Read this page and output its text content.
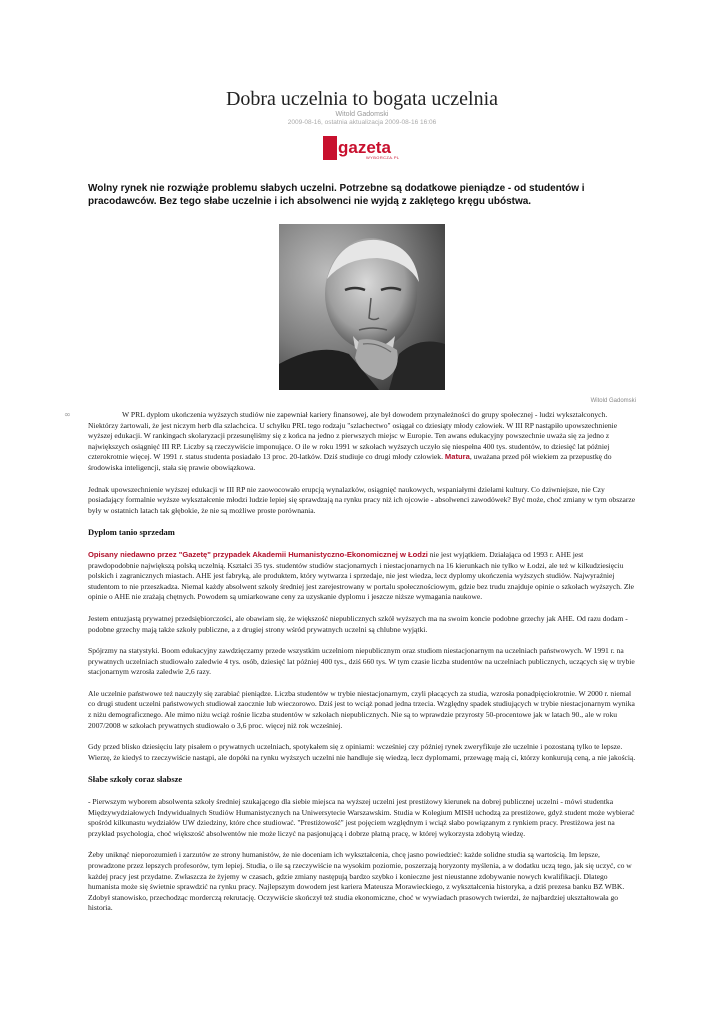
Dobra uczelnia to bogata uczelnia
Witold Gadomski
2009-08-16, ostatnia aktualizacja 2009-08-16 16:06
gazeta
WYBORCZA.PL
Wolny rynek nie rozwiąże problemu słabych uczelni. Potrzebne są dodatkowe pieniądze - od studentów i pracodawców. Bez tego słabe uczelnie i ich absolwenci nie wyjdą z zaklętego kręgu ubóstwa.
Witold Gadomski
∞	W PRL dyplom ukończenia wyższych studiów nie zapewniał kariery finansowej, ale był dowodem przynależności do grupy społecznej - ludzi wykształconych. Niektórzy żartowali, że jest niczym herb dla szlachcica. U schyłku PRL tego rodzaju "szlachectwo" osiągał co dziesiąty młody człowiek. W III RP nastąpiło upowszechnienie wyższej edukacji. W rankingach skolaryzacji przesunęliśmy się z końca na jedno z pierwszych miejsc w Europie. Ten awans edukacyjny powszechnie uważa się za jedno z największych osiągnięć III RP. Liczby są rzeczywiście imponujące. O ile w roku 1991 w szkołach wyższych uczyło się niespełna 400 tys. studentów, to dziesięć lat później czterokrotnie więcej. W 1991 r. status studenta posiadało 13 proc. 20-latków. Dziś studiuje co drugi młody człowiek. Matura, uważana przed pół wiekiem za przepustkę do środowiska inteligencji, stała się prawie obowiązkowa.

Jednak upowszechnienie wyższej edukacji w III RP nie zaowocowało erupcją wynalazków, osiągnięć naukowych, wspaniałymi dziełami kultury. Co dziwniejsze, nie Czy posiadający formalnie wyższe wykształcenie młodzi ludzie lepiej się sprawdzają na rynku pracy niż ich ojcowie - absolwenci zawodówek? Być może, choć zmiany w tym obszarze były w ostatnich latach tak głębokie, że nie są możliwe proste porównania.

Dyplom tanio sprzedam

Opisany niedawno przez "Gazetę" przypadek Akademii Humanistyczno-Ekonomicznej w Łodzi nie jest wyjątkiem. Działająca od 1993 r. AHE jest prawdopodobnie największą polską uczelnią. Kształci 35 tys. studentów studiów stacjonarnych i niestacjonarnych na 16 kierunkach nie tylko w Łodzi, ale też w kilkudziesięciu polskich i zagranicznych miastach. AHE jest fabryką, ale produktem, który wytwarza i sprzedaje, nie jest wiedza, lecz dyplomy ukończenia wyższych studiów. Najwyraźniej studentom to nie przeszkadza. Niemal każdy absolwent szkoły średniej jest zarejestrowany w portalu społecznościowym, gdzie bez trudu znajduje opinie o szkołach wyższych. Złe opinie o AHE nie zrażają chętnych. Powodem są umiarkowane ceny za uzyskanie dyplomu i jeszcze niższe wymagania naukowe.

Jestem entuzjastą prywatnej przedsiębiorczości, ale obawiam się, że większość niepublicznych szkół wyższych ma na swoim koncie podobne grzechy jak AHE. Od razu dodam - podobne grzechy mają także szkoły publiczne, a z drugiej strony wśród prywatnych uczelni są chlubne wyjątki.

Spójrzmy na statystyki. Boom edukacyjny zawdzięczamy przede wszystkim uczelniom niepublicznym oraz studiom niestacjonarnym na uczelniach państwowych. W 1991 r. na prywatnych uczelniach studiowało zaledwie 4 tys. osób, dziesięć lat później 400 tys., dziś 660 tys. W tym czasie liczba studentów na uczelniach publicznych, uczących się w trybie stacjonarnym wzrosła zaledwie 2,6 razy.

Ale uczelnie państwowe też nauczyły się zarabiać pieniądze. Liczba studentów w trybie niestacjonarnym, czyli płacących za studia, wzrosła ponadpięciokrotnie. W 2000 r. niemal co drugi student uczelni państwowych studiował zaocznie lub wieczorowo. Dziś jest to wciąż ponad jedna trzecia. Względny spadek studiujących w trybie niestacjonarnym wynika z niżu demograficznego. Ale mimo niżu wciąż rośnie liczba studentów w szkołach niepublicznych. Nie są to wprawdzie przyrosty 50-procentowe jak w latach 90., ale w roku 2007/2008 w szkołach prywatnych studiowało o 3,6 proc. więcej niż rok wcześniej.

Gdy przed blisko dziesięciu laty pisałem o prywatnych uczelniach, spotykałem się z opiniami: wcześniej czy później rynek zweryfikuje złe uczelnie i pozostaną tylko te lepsze. Wierzę, że kiedyś to rzeczywiście nastąpi, ale dopóki na rynku wyższych uczelni nie handluje się wiedzą, lecz dyplomami, przewagę mają ci, którzy konkurują ceną, a nie jakością.

Słabe szkoły coraz słabsze

- Pierwszym wyborem absolwenta szkoły średniej szukającego dla siebie miejsca na wyższej uczelni jest prestiżowy kierunek na dobrej publicznej uczelni - mówi studentka Międzywydziałowych Indywidualnych Studiów Humanistycznych na Uniwersytecie Warszawskim. Studia w Kolegium MISH uchodzą za prestiżowe, gdyż student może wybierać spośród kilkunastu wydziałów UW dziedziny, które chce studiować. "Prestiżowość" jest pojęciem względnym i wciąż słabo powiązanym z rynkiem pracy. Prestiżowa jest na przykład psychologia, choć większość absolwentów nie może liczyć na pasjonującą i dobrze płatną pracę, w której wykorzysta zdobytą wiedzę.

Żeby uniknąć nieporozumień i zarzutów ze strony humanistów, że nie doceniam ich wykształcenia, chcę jasno powiedzieć: każde solidne studia są wartością. Im lepsze, prowadzone przez lepszych profesorów, tym lepiej. Studia, o ile są rzeczywiście na wysokim poziomie, poszerzają horyzonty myślenia, a w dodatku uczą tego, jak się uczyć, co w każdej pracy jest przydatne. Zwłaszcza że żyjemy w czasach, gdzie zmiany następują bardzo szybko i konieczne jest nieustanne zdobywanie nowych kwalifikacji. Dlatego humanista może się świetnie sprawdzić na rynku pracy. Najlepszym dowodem jest kariera Mateusza Morawieckiego, z wykształcenia historyka, a dziś prezesa banku BZ WBK. Zdobył stanowisko, przechodząc morderczą rekrutację. Oczywiście skończył też studia ekonomiczne, choć w wywiadach prasowych twierdzi, że najbardziej ukształtowała go historia.
